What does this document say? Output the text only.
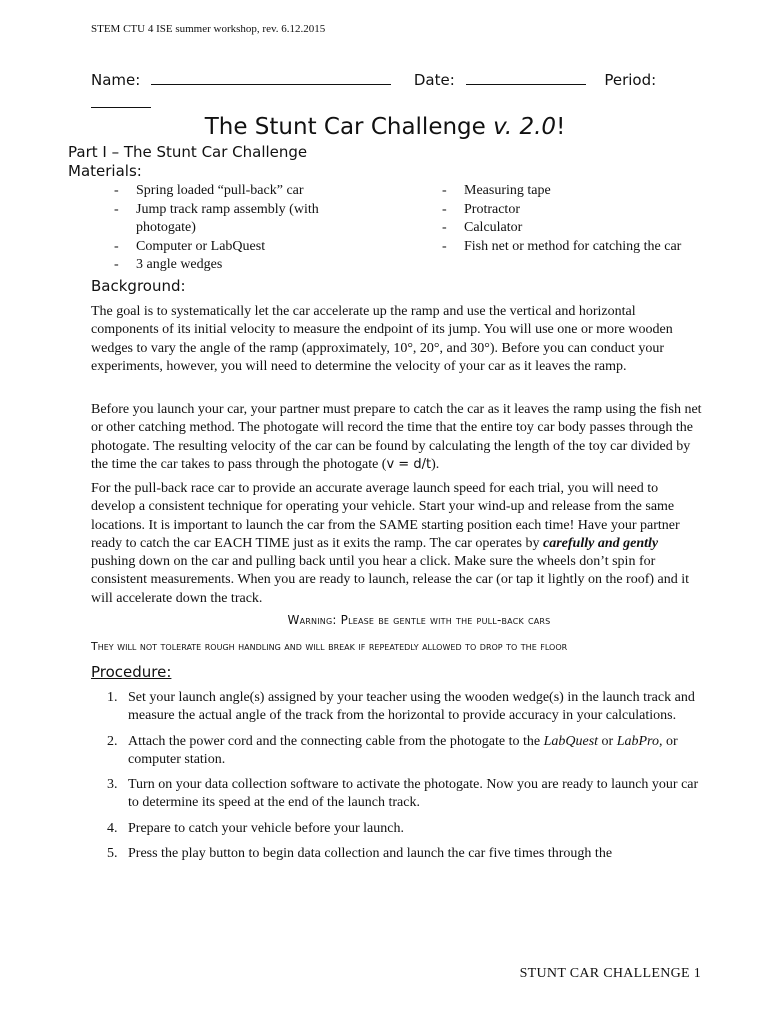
STEM CTU 4 ISE summer workshop, rev. 6.12.2015
Name:	Date:	Period:
The Stunt Car Challenge v. 2.0!
Part I – The Stunt Car Challenge
Materials:
- Spring loaded “pull-back” car
- Jump track ramp assembly (with photogate)
- Computer or LabQuest
- 3 angle wedges
- Measuring tape
- Protractor
- Calculator
- Fish net or method for catching the car
Background:

The goal is to systematically let the car accelerate up the ramp and use the vertical and horizontal components of its initial velocity to measure the endpoint of its jump. You will use one or more wooden wedges to vary the angle of the ramp (approximately, 10°, 20°, and 30°). Before you can conduct your experiments, however, you will need to determine the velocity of your car as it leaves the ramp.

Before you launch your car, your partner must prepare to catch the car as it leaves the ramp using the fish net or other catching method. The photogate will record the time that the entire toy car body passes through the photogate. The resulting velocity of the car can be found by calculating the length of the toy car divided by the time the car takes to pass through the photogate (v = d/t).

For the pull-back race car to provide an accurate average launch speed for each trial, you will need to develop a consistent technique for operating your vehicle. Start your wind-up and release from the same locations. It is important to launch the car from the SAME starting position each time! Have your partner ready to catch the car EACH TIME just as it exits the ramp. The car operates by carefully and gently pushing down on the car and pulling back until you hear a click. Make sure the wheels don’t spin for consistent measurements. When you are ready to launch, release the car (or tap it lightly on the roof) and it will accelerate down the track.

Warning: Please be gentle with the pull-back cars
They will not tolerate rough handling and will break if repeatedly allowed to drop to the floor
Procedure:
1. Set your launch angle(s) assigned by your teacher using the wooden wedge(s) in the launch track and measure the actual angle of the track from the horizontal to provide accuracy in your calculations.
2. Attach the power cord and the connecting cable from the photogate to the LabQuest or LabPro, or computer station.
3. Turn on your data collection software to activate the photogate. Now you are ready to launch your car to determine its speed at the end of the launch track.
4. Prepare to catch your vehicle before your launch.
5. Press the play button to begin data collection and launch the car five times through the
STUNT CAR CHALLENGE 1
